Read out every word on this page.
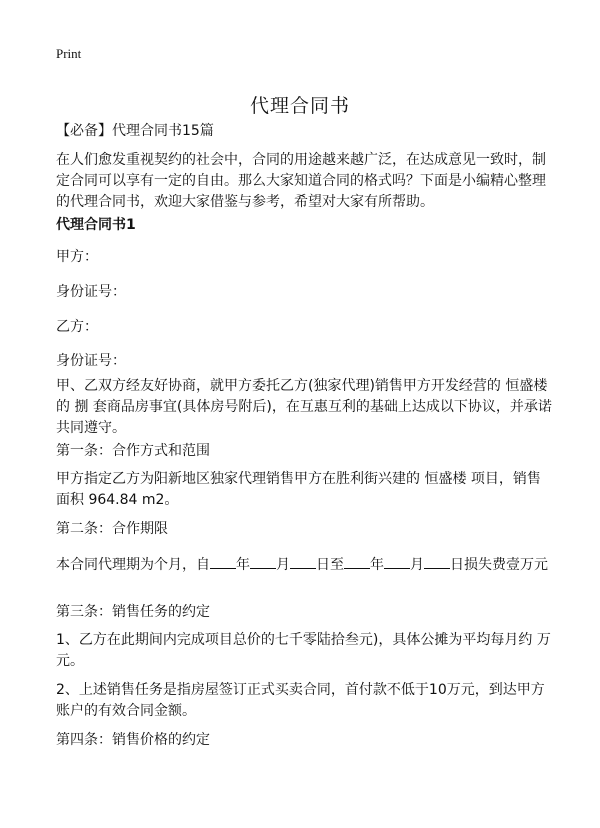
Print
代理合同书

【必备】代理合同书15篇

在人们愈发重视契约的社会中，合同的用途越来越广泛，在达成意见一致时，制定合同可以享有一定的自由。那么大家知道合同的格式吗？下面是小编精心整理的代理合同书，欢迎大家借鉴与参考，希望对大家有所帮助。

代理合同书1

甲方：

身份证号：

乙方：

身份证号：

甲、乙双方经友好协商，就甲方委托乙方(独家代理)销售甲方开发经营的 恒盛楼 的 捌 套商品房事宜(具体房号附后)，在互惠互利的基础上达成以下协议，并承诺共同遵守。

第一条：合作方式和范围

甲方指定乙方为阳新地区独家代理销售甲方在胜利街兴建的 恒盛楼 项目，销售面积 964.84 m2。

第二条：合作期限

本合同代理期为个月，自 年 月 日至 年 月 日损失费壹万元

第三条：销售任务的约定

1、乙方在此期间内完成项目总价的七千零陆拾叁元)，具体公摊为平均每月约 万元。

2、上述销售任务是指房屋签订正式买卖合同，首付款不低于10万元，到达甲方账户的有效合同金额。

第四条：销售价格的约定
